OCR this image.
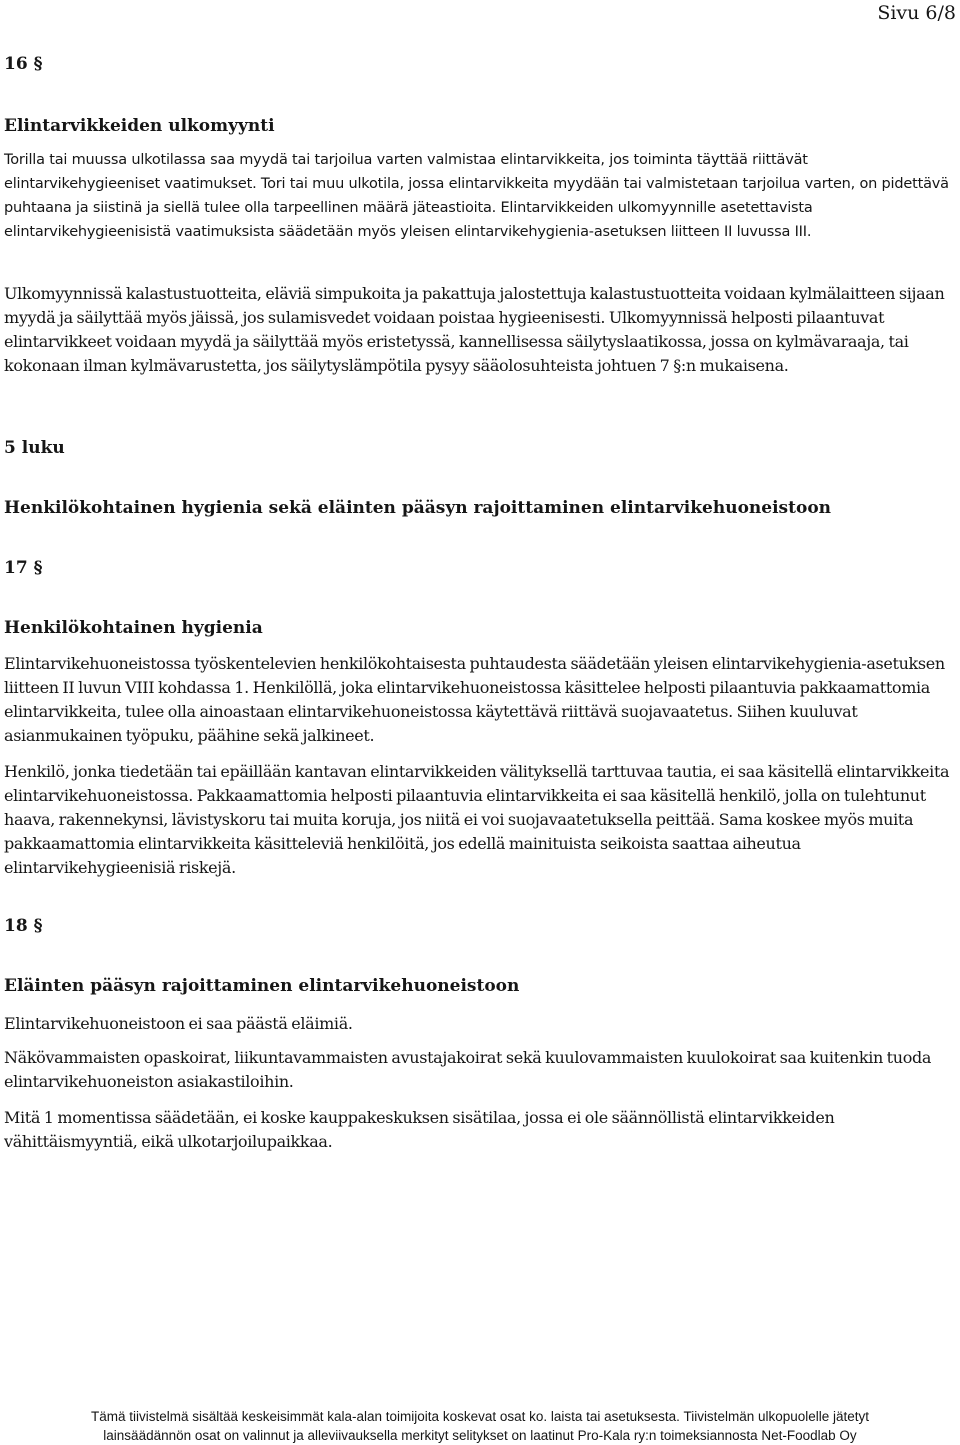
Sivu 6/8
16 §
Elintarvikkeiden ulkomyynti
Torilla tai muussa ulkotilassa saa myydä tai tarjoilua varten valmistaa elintarvikkeita, jos toiminta täyttää riittävät elintarvikehygieeniset vaatimukset. Tori tai muu ulkotila, jossa elintarvikkeita myydään tai valmistetaan tarjoilua varten, on pidettävä puhtaana ja siistinä ja siellä tulee olla tarpeellinen määrä jäteastioita. Elintarvikkeiden ulkomyynnille asetettavista elintarvikehygieenisistä vaatimuksista säädetään myös yleisen elintarvikehygienia-asetuksen liitteen II luvussa III.
Ulkomyynnissä kalastustuotteita, eläviä simpukoita ja pakattuja jalostettuja kalastustuotteita voidaan kylmälaitteen sijaan myydä ja säilyttää myös jäissä, jos sulamisvedet voidaan poistaa hygieenisesti. Ulkomyynnissä helposti pilaantuvat elintarvikkeet voidaan myydä ja säilyttää myös eristetyssä, kannellisessa säilytyslaatikossa, jossa on kylmävaraaja, tai kokonaan ilman kylmävarustetta, jos säilytyslämpötila pysyy sääolosuhteista johtuen 7 §:n mukaisena.
5 luku
Henkilökohtainen hygienia sekä eläinten pääsyn rajoittaminen elintarvikehuoneistoon
17 §
Henkilökohtainen hygienia
Elintarvikehuoneistossa työskentelevien henkilökohtaisesta puhtaudesta säädetään yleisen elintarvikehygienia-asetuksen liitteen II luvun VIII kohdassa 1. Henkilöllä, joka elintarvikehuoneistossa käsittelee helposti pilaantuvia pakkaamattomia elintarvikkeita, tulee olla ainoastaan elintarvikehuoneistossa käytettävä riittävä suojavaatetus. Siihen kuuluvat asianmukainen työpuku, päähine sekä jalkineet.
Henkilö, jonka tiedetään tai epäillään kantavan elintarvikkeiden välityksellä tarttuvaa tautia, ei saa käsitellä elintarvikkeita elintarvikehuoneistossa. Pakkaamattomia helposti pilaantuvia elintarvikkeita ei saa käsitellä henkilö, jolla on tulehtunut haava, rakennekynsi, lävistyskoru tai muita koruja, jos niitä ei voi suojavaatetuksella peittää. Sama koskee myös muita pakkaamattomia elintarvikkeita käsitteleviä henkilöitä, jos edellä mainituista seikoista saattaa aiheutua elintarvikehygieenisiä riskejä.
18 §
Eläinten pääsyn rajoittaminen elintarvikehuoneistoon
Elintarvikehuoneistoon ei saa päästä eläimiä.
Näkövammaisten opaskoirat, liikuntavammaisten avustajakoirat sekä kuulovammaisten kuulokoirat saa kuitenkin tuoda elintarvikehuoneiston asiakastiloihin.
Mitä 1 momentissa säädetään, ei koske kauppakeskuksen sisätilaa, jossa ei ole säännöllistä elintarvikkeiden vähittäismyyntiä, eikä ulkotarjoilupaikkaa.
Tämä tiivistelmä sisältää keskeisimmät kala-alan toimijoita koskevat osat ko. laista tai asetuksesta. Tiivistelmän ulkopuolelle jätetyt
lainsäädännön osat on valinnut ja alleviivauksella merkityt selitykset on laatinut Pro-Kala ry:n toimeksiannosta Net-Foodlab Oy
